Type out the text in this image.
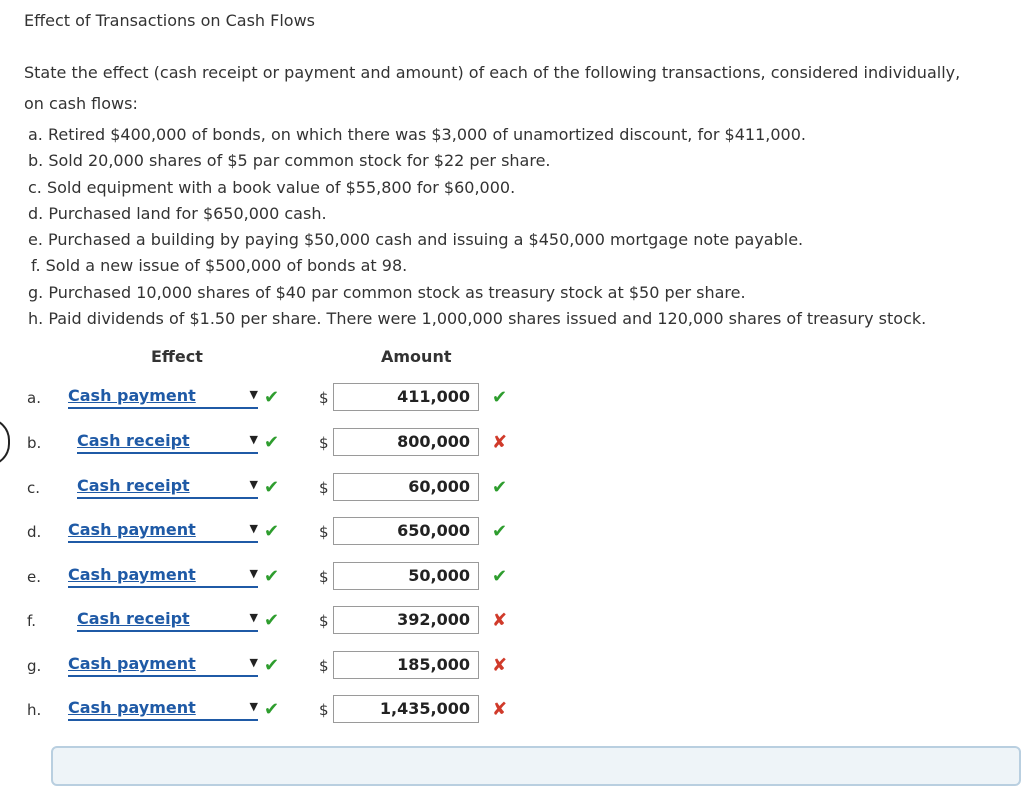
Effect of Transactions on Cash Flows
State the effect (cash receipt or payment and amount) of each of the following transactions, considered individually, on cash flows:
a. Retired $400,000 of bonds, on which there was $3,000 of unamortized discount, for $411,000.
b. Sold 20,000 shares of $5 par common stock for $22 per share.
c. Sold equipment with a book value of $55,800 for $60,000.
d. Purchased land for $650,000 cash.
e. Purchased a building by paying $50,000 cash and issuing a $450,000 mortgage note payable.
f. Sold a new issue of $500,000 of bonds at 98.
g. Purchased 10,000 shares of $40 par common stock as treasury stock at $50 per share.
h. Paid dividends of $1.50 per share. There were 1,000,000 shares issued and 120,000 shares of treasury stock.
Effect	Amount
a. Cash payment	▼ ✔	$	411,000	✔
b. Cash receipt	▼ ✔	$	800,000	✘
c. Cash receipt	▼ ✔	$	60,000	✔
d. Cash payment	▼ ✔	$	650,000	✔
e. Cash payment	▼ ✔	$	50,000	✔
f.	Cash receipt	▼ ✔	$	392,000	✘
g. Cash payment	▼ ✔	$	185,000	✘
h. Cash payment	▼ ✔	$	1,435,000	✘
